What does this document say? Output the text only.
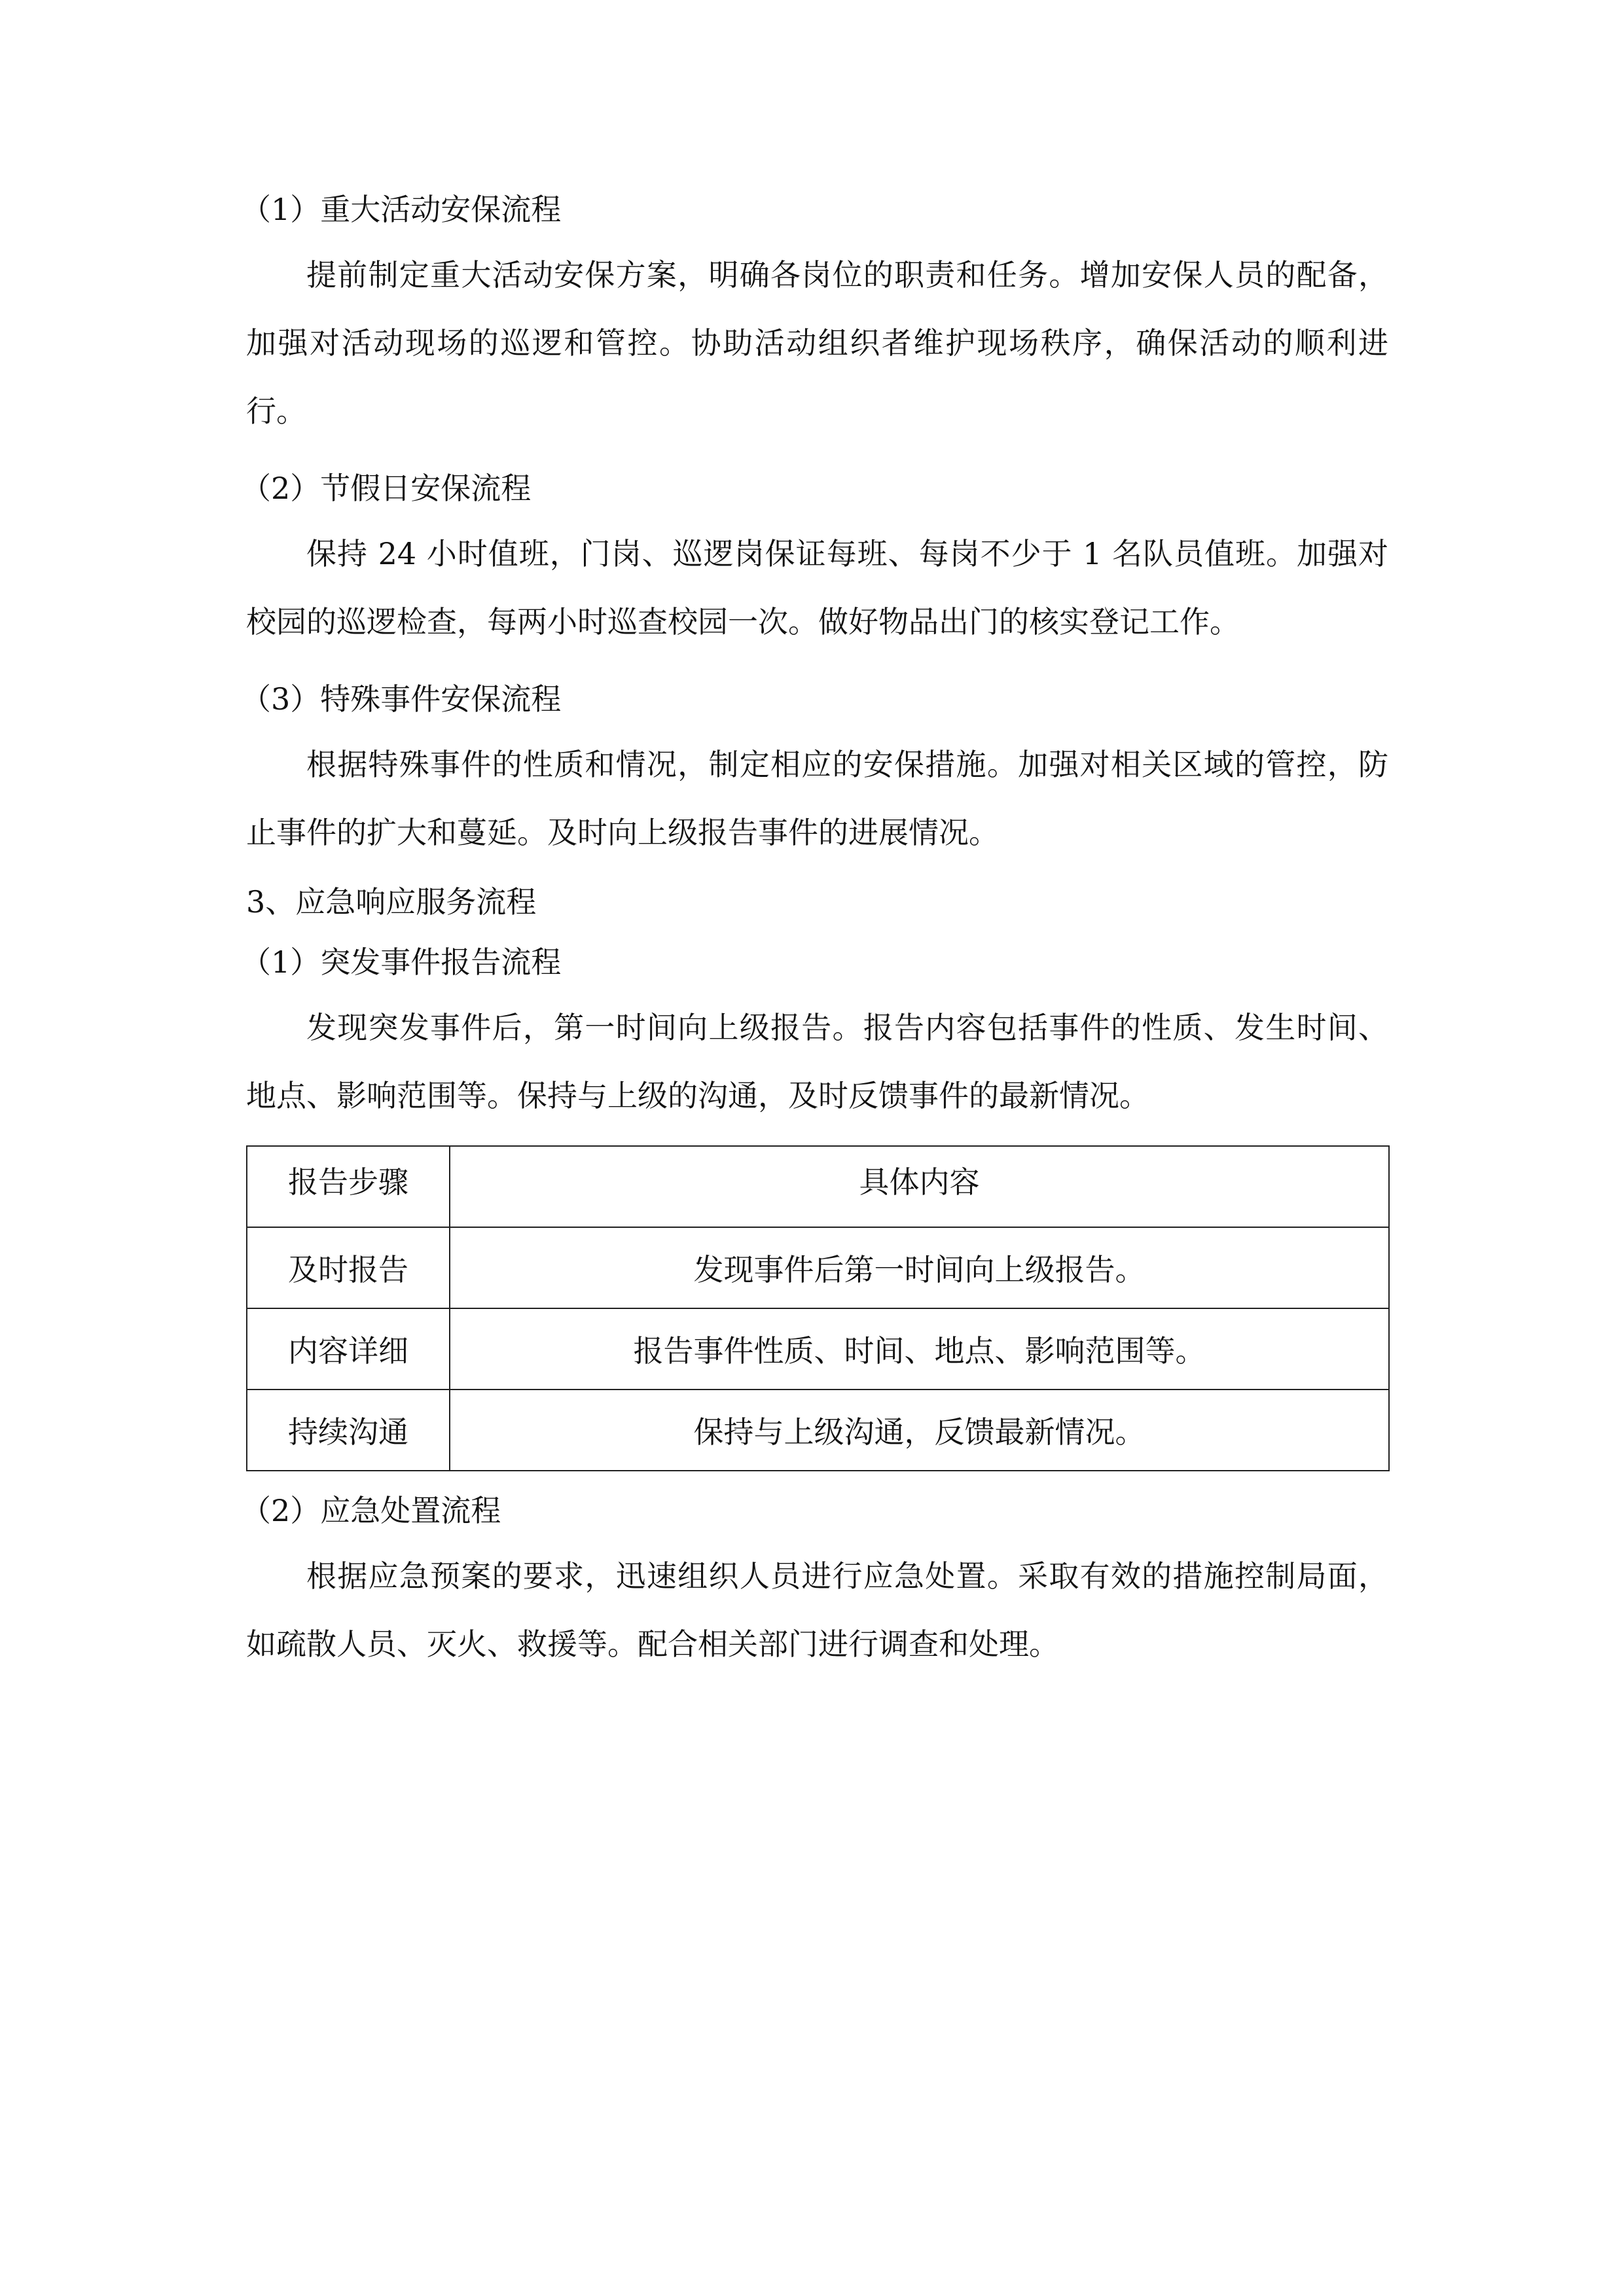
（1）重大活动安保流程

提前制定重大活动安保方案，明确各岗位的职责和任务。增加安保人员的配备，加强对活动现场的巡逻和管控。协助活动组织者维护现场秩序，确保活动的顺利进行。

（2）节假日安保流程

保持 24 小时值班，门岗、巡逻岗保证每班、每岗不少于 1 名队员值班。加强对校园的巡逻检查，每两小时巡查校园一次。做好物品出门的核实登记工作。

（3）特殊事件安保流程

根据特殊事件的性质和情况，制定相应的安保措施。加强对相关区域的管控，防止事件的扩大和蔓延。及时向上级报告事件的进展情况。

3、应急响应服务流程
（1）突发事件报告流程

发现突发事件后，第一时间向上级报告。报告内容包括事件的性质、发生时间、地点、影响范围等。保持与上级的沟通，及时反馈事件的最新情况。

报告步骤	具体内容
及时报告	发现事件后第一时间向上级报告。
内容详细	报告事件性质、时间、地点、影响范围等。
持续沟通	保持与上级沟通，反馈最新情况。
（2）应急处置流程

根据应急预案的要求，迅速组织人员进行应急处置。采取有效的措施控制局面，如疏散人员、灭火、救援等。配合相关部门进行调查和处理。
